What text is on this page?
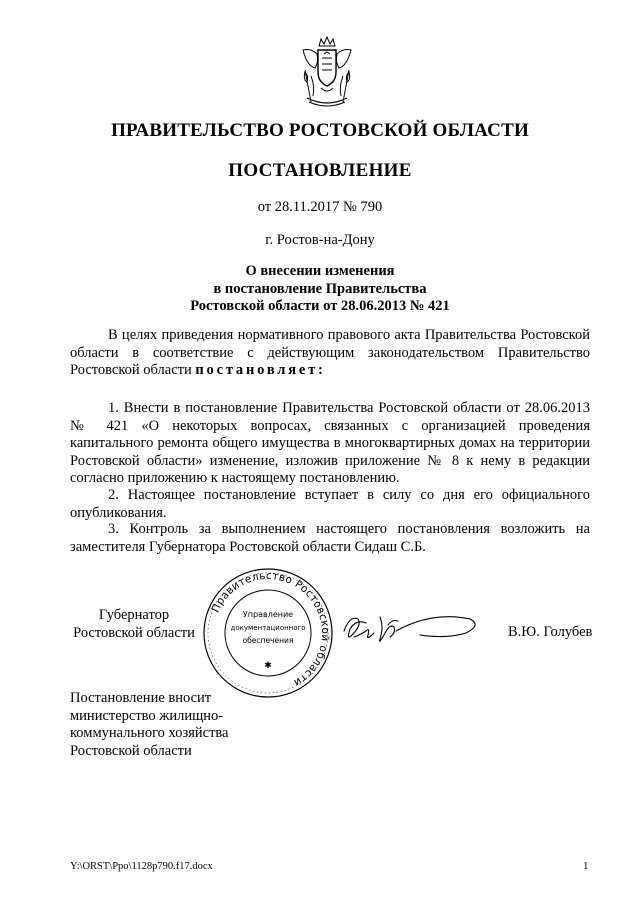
ПРАВИТЕЛЬСТВО РОСТОВСКОЙ ОБЛАСТИ
ПОСТАНОВЛЕНИЕ
от 28.11.2017 № 790
г. Ростов-на-Дону
О внесении изменения
в постановление Правительства
Ростовской области от 28.06.2013 № 421
В целях приведения нормативного правового акта Правительства Ростовской области в соответствие с действующим законодательством Правительство Ростовской области постановляет:
1. Внести в постановление Правительства Ростовской области от 28.06.2013 № 421 «О некоторых вопросах, связанных с организацией проведения капитального ремонта общего имущества в многоквартирных домах на территории Ростовской области» изменение, изложив приложение № 8 к нему в редакции согласно приложению к настоящему постановлению.
2. Настоящее постановление вступает в силу со дня его официального опубликования.
3. Контроль за выполнением настоящего постановления возложить на заместителя Губернатора Ростовской области Сидаш С.Б.
Губернатор
Ростовской области
Правительство Ростовской области
Управление
документационного
обеспечения
✱
В.Ю. Голубев
Постановление вносит
министерство жилищно-
коммунального хозяйства
Ростовской области
Y:\ORST\Ppo\1128p790.f17.docx	1
